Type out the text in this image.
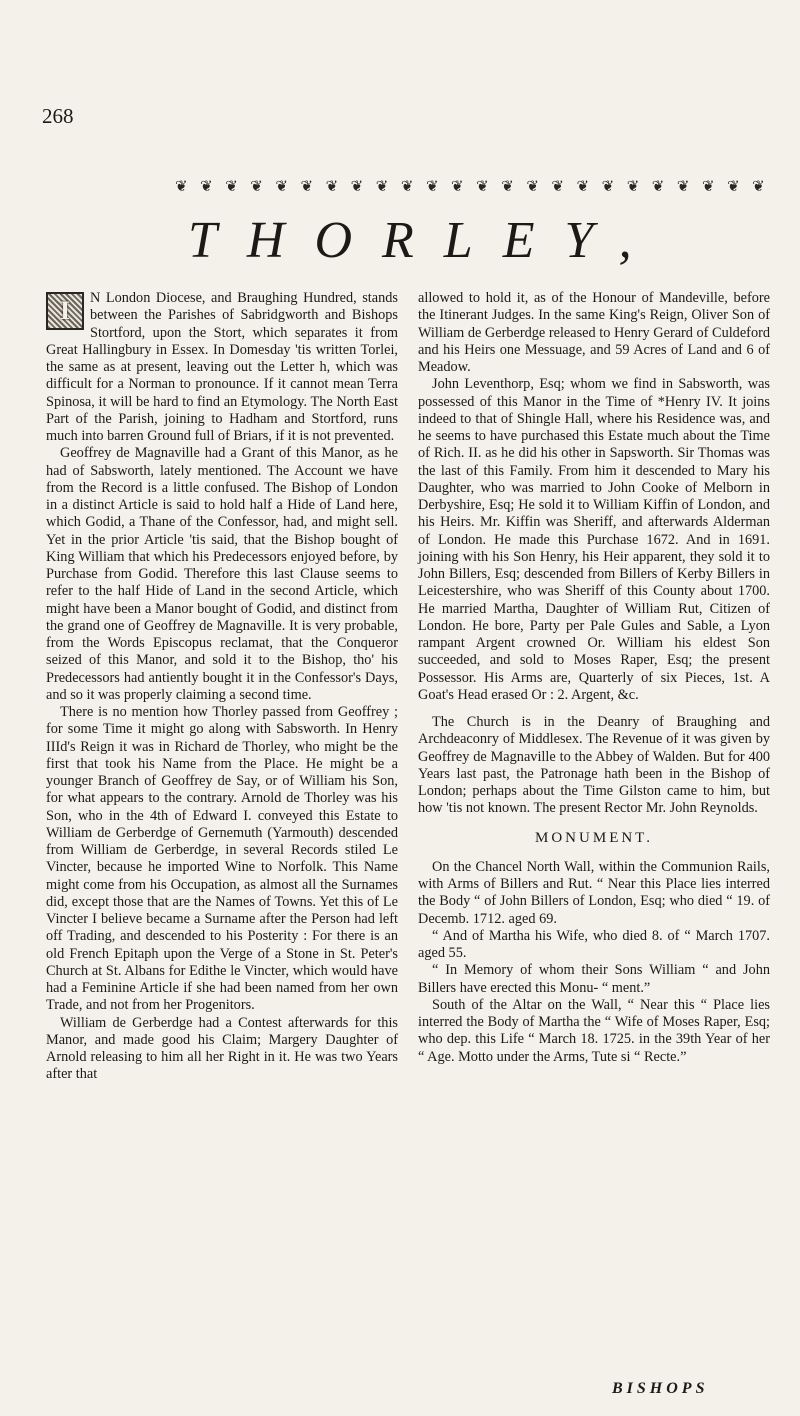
268
❦ ❦ ❦ ❦ ❦ ❦ ❦ ❦ ❦ ❦ ❦ ❦ ❦ ❦ ❦ ❦ ❦ ❦ ❦ ❦ ❦ ❦ ❦ ❦
THORLEY,
I	N London Diocese, and Braughing Hundred, stands between the Parishes of Sabridgworth and Bishops Stortford, upon the Stort, which separates it from Great Hallingbury in Essex. In Domesday 'tis written Torlei, the same as at present, leaving out the Letter h, which was difficult for a Norman to pronounce. If it cannot mean Terra Spinosa, it will be hard to find an Etymology. The North East Part of the Parish, joining to Hadham and Stortford, runs much into barren Ground full of Briars, if it is not prevented.

Geoffrey de Magnaville had a Grant of this Manor, as he had of Sabsworth, lately mentioned. The Account we have from the Record is a little confused. The Bishop of London in a distinct Article is said to hold half a Hide of Land here, which Godid, a Thane of the Confessor, had, and might sell. Yet in the prior Article 'tis said, that the Bishop bought of King William that which his Predecessors enjoyed before, by Purchase from Godid. Therefore this last Clause seems to refer to the half Hide of Land in the second Article, which might have been a Manor bought of Godid, and distinct from the grand one of Geoffrey de Magnaville. It is very probable, from the Words Episcopus reclamat, that the Conqueror seized of this Manor, and sold it to the Bishop, tho' his Predecessors had antiently bought it in the Confessor's Days, and so it was properly claiming a second time.

There is no mention how Thorley passed from Geoffrey ; for some Time it might go along with Sabsworth. In Henry IIId's Reign it was in Richard de Thorley, who might be the first that took his Name from the Place. He might be a younger Branch of Geoffrey de Say, or of William his Son, for what appears to the contrary. Arnold de Thorley was his Son, who in the 4th of Edward I. conveyed this Estate to William de Gerberdge of Gernemuth (Yarmouth) descended from William de Gerberdge, in several Records stiled Le Vincter, because he imported Wine to Norfolk. This Name might come from his Occupation, as almost all the Surnames did, except those that are the Names of Towns. Yet this of Le Vincter I believe became a Surname after the Person had left off Trading, and descended to his Posterity : For there is an old French Epitaph upon the Verge of a Stone in St. Peter's Church at St. Albans for Edithe le Vincter, which would have had a Feminine Article if she had been named from her own Trade, and not from her Progenitors.

William de Gerberdge had a Contest afterwards for this Manor, and made good his Claim; Margery Daughter of Arnold releasing to him all her Right in it. He was two Years after that

allowed to hold it, as of the Honour of Mandeville, before the Itinerant Judges. In the same King's Reign, Oliver Son of William de Gerberdge released to Henry Gerard of Culdeford and his Heirs one Messuage, and 59 Acres of Land and 6 of Meadow.

John Leventhorp, Esq; whom we find in Sabsworth, was possessed of this Manor in the Time of *Henry IV. It joins indeed to that of Shingle Hall, where his Residence was, and he seems to have purchased this Estate much about the Time of Rich. II. as he did his other in Sapsworth. Sir Thomas was the last of this Family. From him it descended to Mary his Daughter, who was married to John Cooke of Melborn in Derbyshire, Esq; He sold it to William Kiffin of London, and his Heirs. Mr. Kiffin was Sheriff, and afterwards Alderman of London. He made this Purchase 1672. And in 1691. joining with his Son Henry, his Heir apparent, they sold it to John Billers, Esq; descended from Billers of Kerby Billers in Leicestershire, who was Sheriff of this County about 1700. He married Martha, Daughter of William Rut, Citizen of London. He bore, Party per Pale Gules and Sable, a Lyon rampant Argent crowned Or. William his eldest Son succeeded, and sold to Moses Raper, Esq; the present Possessor. His Arms are, Quarterly of six Pieces, 1st. A Goat's Head erased Or : 2. Argent, &c.

The Church is in the Deanry of Braughing and Archdeaconry of Middlesex. The Revenue of it was given by Geoffrey de Magnaville to the Abbey of Walden. But for 400 Years last past, the Patronage hath been in the Bishop of London; perhaps about the Time Gilston came to him, but how 'tis not known. The present Rector Mr. John Reynolds.

MONUMENT.

On the Chancel North Wall, within the Communion Rails, with Arms of Billers and Rut. “ Near this Place lies interred the Body “ of John Billers of London, Esq; who died “ 19. of Decemb. 1712. aged 69.

“ And of Martha his Wife, who died 8. of “ March 1707. aged 55.

“ In Memory of whom their Sons William “ and John Billers have erected this Monu- “ ment.”

South of the Altar on the Wall, “ Near this “ Place lies interred the Body of Martha the “ Wife of Moses Raper, Esq; who dep. this Life “ March 18. 1725. in the 39th Year of her “ Age. Motto under the Arms, Tute si “ Recte.”

BISHOPS
